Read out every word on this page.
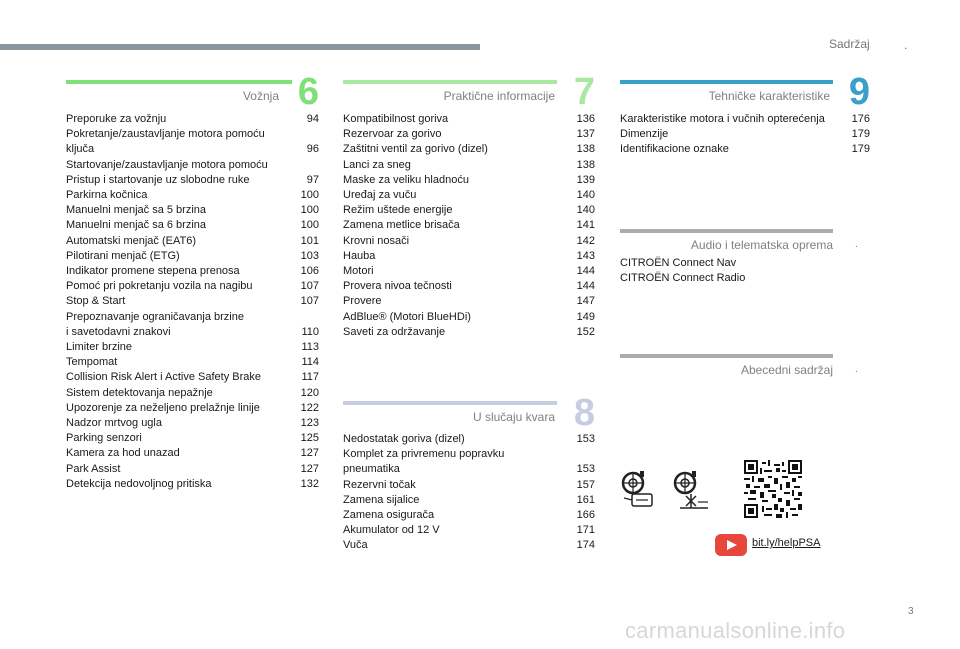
Sadržaj	.
Vožnja 6
Preporuke za vožnju	94
Pokretanje/zaustavljanje motora pomoću
ključa	96
Startovanje/zaustavljanje motora pomoću
Pristup i startovanje uz slobodne ruke	97
Parkirna kočnica	100
Manuelni menjač sa 5 brzina	100
Manuelni menjač sa 6 brzina	100
Automatski menjač (EAT6)	101
Pilotirani menjač (ETG)	103
Indikator promene stepena prenosa	106
Pomoć pri pokretanju vozila na nagibu	107
Stop & Start	107
Prepoznavanje ograničavanja brzine
i savetodavni znakovi	110
Limiter brzine	113
Tempomat	114
Collision Risk Alert i Active Safety Brake	117
Sistem detektovanja nepažnje	120
Upozorenje za neželjeno prelažnje linije	122
Nadzor mrtvog ugla	123
Parking senzori	125
Kamera za hod unazad	127
Park Assist	127
Detekcija nedovoljnog pritiska	132
Praktične informacije 7
Kompatibilnost goriva	136
Rezervoar za gorivo	137
Zaštitni ventil za gorivo (dizel)	138
Lanci za sneg	138
Maske za veliku hladnoću	139
Uređaj za vuču	140
Režim uštede energije	140
Zamena metlice brisača	141
Krovni nosači	142
Hauba	143
Motori	144
Provera nivoa tečnosti	144
Provere	147
AdBlue® (Motori BlueHDi)	149
Saveti za održavanje	152
U slučaju kvara 8
Nedostatak goriva (dizel)	153
Komplet za privremenu popravku
pneumatika	153
Rezervni točak	157
Zamena sijalice	161
Zamena osigurača	166
Akumulator od 12 V	171
Vuča	174
Tehničke karakteristike 9
Karakteristike motora i vučnih opterećenja	176
Dimenzije	179
Identifikacione oznake	179
Audio i telematska oprema
CITROËN Connect Nav
CITROËN Connect Radio
.
Abecedni sadržaj .
bit.ly/helpPSA
3
carmanualsonline.info
